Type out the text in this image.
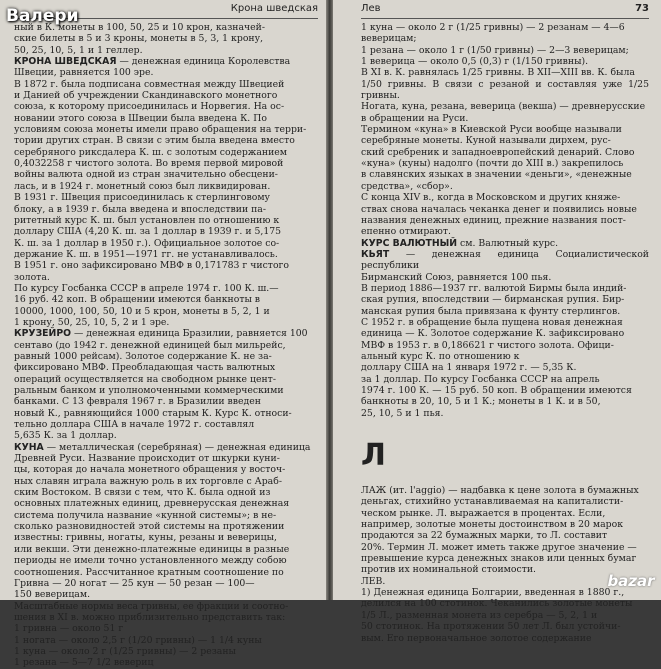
Крона шведская

ный в К. монеты в 100, 50, 25 и 10 крон, казначей-

ские билеты в 5 и 3 кроны, монеты в 5, 3, 1 крону,

50, 25, 10, 5, 1 и 1 геллер.

КРОНА ШВЕДСКАЯ — денежная единица Королевства

Швеции, равняется 100 эре.

В 1872 г. была подписана совместная между Швецией

и Данией об учреждении Скандинавского монетного

союза, к которому присоединилась и Норвегия. На ос-

новании этого союза в Швеции была введена К. По

условиям союза монеты имели право обращения на терри-

тории других стран. В связи с этим была введена вместо

серебряного риксдалера К. ш. с золотым содержанием

0,4032258 г чистого золота. Во время первой мировой

войны валюта одной из стран значительно обесцени-

лась, и в 1924 г. монетный союз был ликвидирован.

В 1931 г. Швеция присоединилась к стерлинговому

блоку, а в 1939 г. была введена и впоследствии па-

ритетный курс К. ш. был установлен по отношению к

доллару США (4,20 К. ш. за 1 доллар в 1939 г. и 5,175

К. ш. за 1 доллар в 1950 г.). Официальное золотое со-

держание К. ш. в 1951—1971 гг. не устанавливалось.

В 1951 г. оно зафиксировано МВФ в 0,171783 г чистого

золота.

По курсу Госбанка СССР в апреле 1974 г. 100 К. ш.—

16 руб. 42 коп. В обращении имеются банкноты в

10000, 1000, 100, 50, 10 и 5 крон, монеты в 5, 2, 1 и

1 крону, 50, 25, 10, 5, 2 и 1 эре.

КРУЗЕЙРО — денежная единица Бразилии, равняется 100

сентаво (до 1942 г. денежной единицей был мильрейс,

равный 1000 рейсам). Золотое содержание К. не за-

фиксировано МВФ. Преобладающая часть валютных

операций осуществляется на свободном рынке цент-

ральным банком и уполномоченными коммерческими

банками. С 13 февраля 1967 г. в Бразилии введен

новый К., равняющийся 1000 старым К. Курс К. относи-

тельно доллара США в начале 1972 г. составлял

5,635 К. за 1 доллар.

КУНА — металлическая (серебряная) — денежная единица

Древней Руси. Название происходит от шкурки куни-

цы, которая до начала монетного обращения у восточ-

ных славян играла важную роль в их торговле с Араб-

ским Востоком. В связи с тем, что К. была одной из

основных платежных единиц, древнерусская денежная

система получила название «кунной системы»; в не-

сколько разновидностей этой системы на протяжении

известны: гривны, ногаты, куны, резаны и веверицы,

или векши. Эти денежно-платежные единицы в разные

периоды не имели точно установленного между собою

соотношения. Рассчитанное кратным соотношение по

Гривна — 20 ногат — 25 кун — 50 резан — 100—

150 веверицам.

Масштабные нормы веса гривны, ее фракции и соотно-

шения в XI в. можно приблизительно представить так:

1 гривна — около 51 г

1 ногата — около 2,5 г (1/20 гривны) — 1 1/4 куны

1 куна — около 2 г (1/25 гривны) — 2 резаны

1 резана — 5—7 1/2 вевериц

Лев	73

1 куна — около 2 г (1/25 гривны) — 2 резанам — 4—6

веверицам;

1 резана — около 1 г (1/50 гривны) — 2—3 веверицам;

1 веверица — около 0,5 (0,3) г (1/150 гривны).

В XI в. К. равнялась 1/25 гривны. В XII—XIII вв. К. была

1/50 гривны. В связи с резаной и составляя уже 1/25 гривны.

Ногата, куна, резана, веверица (векша) — древнерусские

в обращении на Руси.

Термином «куна» в Киевской Руси вообще называли

серебряные монеты. Куной называли дирхем, рус-

ский сребреник и западноевропейский денарий. Слово

«куна» (куны) надолго (почти до XIII в.) закрепилось

в славянских языках в значении «деньги», «денежные

средства», «сбор».

С конца XIV в., когда в Московском и других княже-

ствах снова началась чеканка денег и появились новые

названия денежных единиц, прежние названия пост-

епенно отмирают.

КУРС ВАЛЮТНЫЙ см. Валютный курс.

КЬЯТ — денежная единица Социалистической республики

Бирманский Союз, равняется 100 пья.

В период 1886—1937 гг. валютой Бирмы была индий-

ская рупия, впоследствии — бирманская рупия. Бир-

манская рупия была привязана к фунту стерлингов.

С 1952 г. в обращение была пущена новая денежная

единица — К. Золотое содержание К. зафиксировано

МВФ в 1953 г. в 0,186621 г чистого золота. Офици-

альный курс К. по отношению к

доллару США на 1 января 1972 г. — 5,35 К.

за 1 доллар. По курсу Госбанка СССР на апрель

1974 г. 100 К. — 15 руб. 50 коп. В обращении имеются

банкноты в 20, 10, 5 и 1 К.; монеты в 1 К. и в 50,

25, 10, 5 и 1 пья.

Л

ЛАЖ (ит. l'aggio) — надбавка к цене золота в бумажных

деньгах, стихийно устанавливаемая на капиталисти-

ческом рынке. Л. выражается в процентах. Если,

например, золотые монеты достоинством в 20 марок

продаются за 22 бумажных марки, то Л. составит

20%. Термин Л. может иметь также другое значение —

превышение курса денежных знаков или ценных бумаг

против их номинальной стоимости.

ЛЕВ.

1) Денежная единица Болгарии, введенная в 1880 г.,

делился на 100 стотинок. Чеканились золотые монеты

1/5 Л., разменная монета из серебра — 5, 2, 1 и

50 стотинок. На протяжении 50 лет Л. был устойчи-

вым. Его первоначальное золотое содержание

Валери
bazar
